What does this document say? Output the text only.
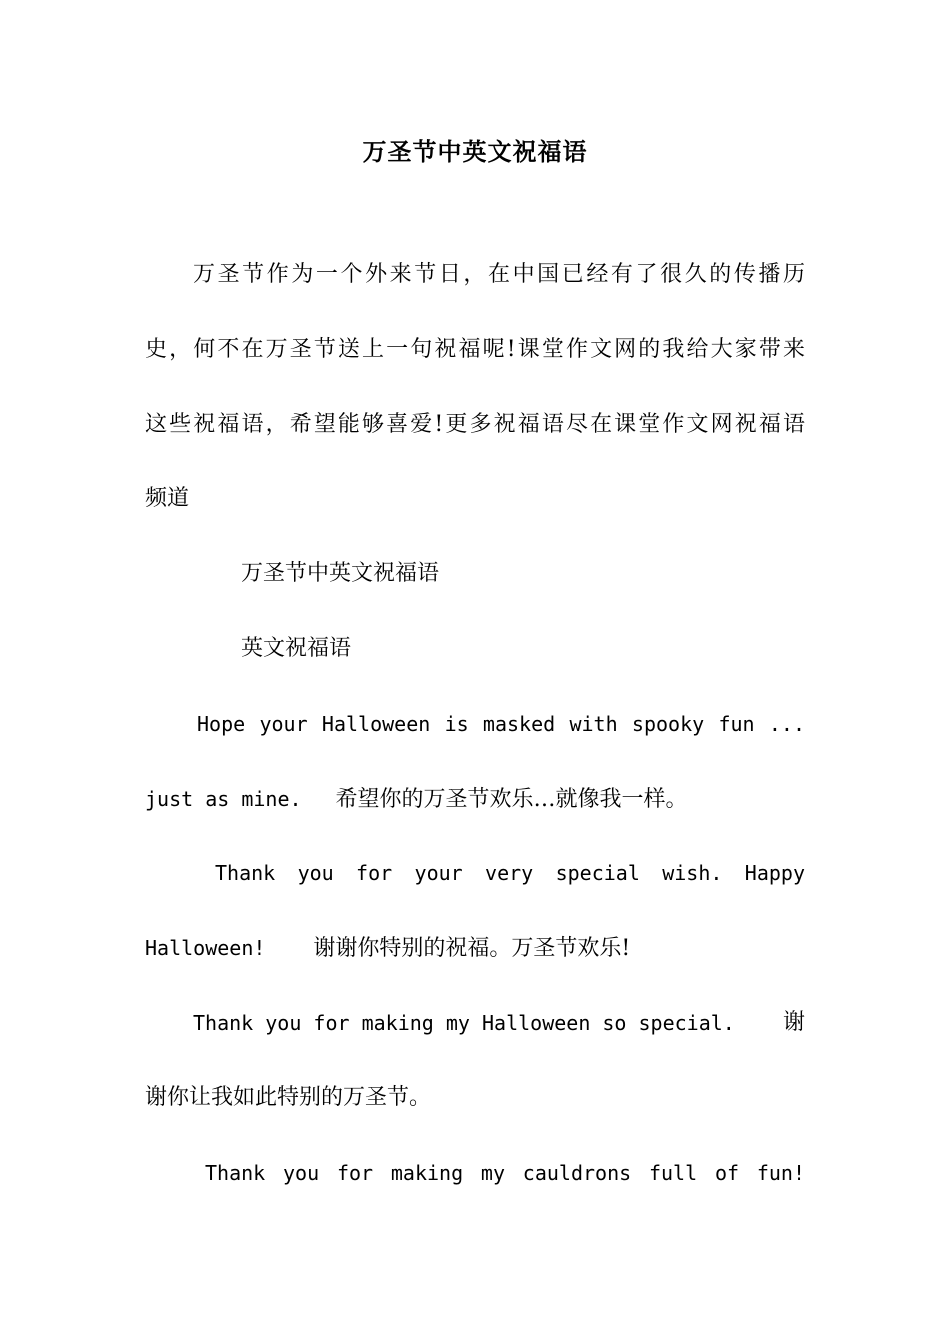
万圣节中英文祝福语
万圣节作为一个外来节日，在中国已经有了很久的传播历
史，何不在万圣节送上一句祝福呢!课堂作文网的我给大家带来
这些祝福语，希望能够喜爱!更多祝福语尽在课堂作文网祝福语
频道
万圣节中英文祝福语
英文祝福语
Hope your Halloween is masked with spooky fun ...
just as mine. 希望你的万圣节欢乐…就像我一样。
Thank you for your very special wish. Happy
Halloween! 谢谢你特别的祝福。万圣节欢乐!
Thank you for making my Halloween so special. 谢
谢你让我如此特别的万圣节。
Thank you for making my cauldrons full of fun!
